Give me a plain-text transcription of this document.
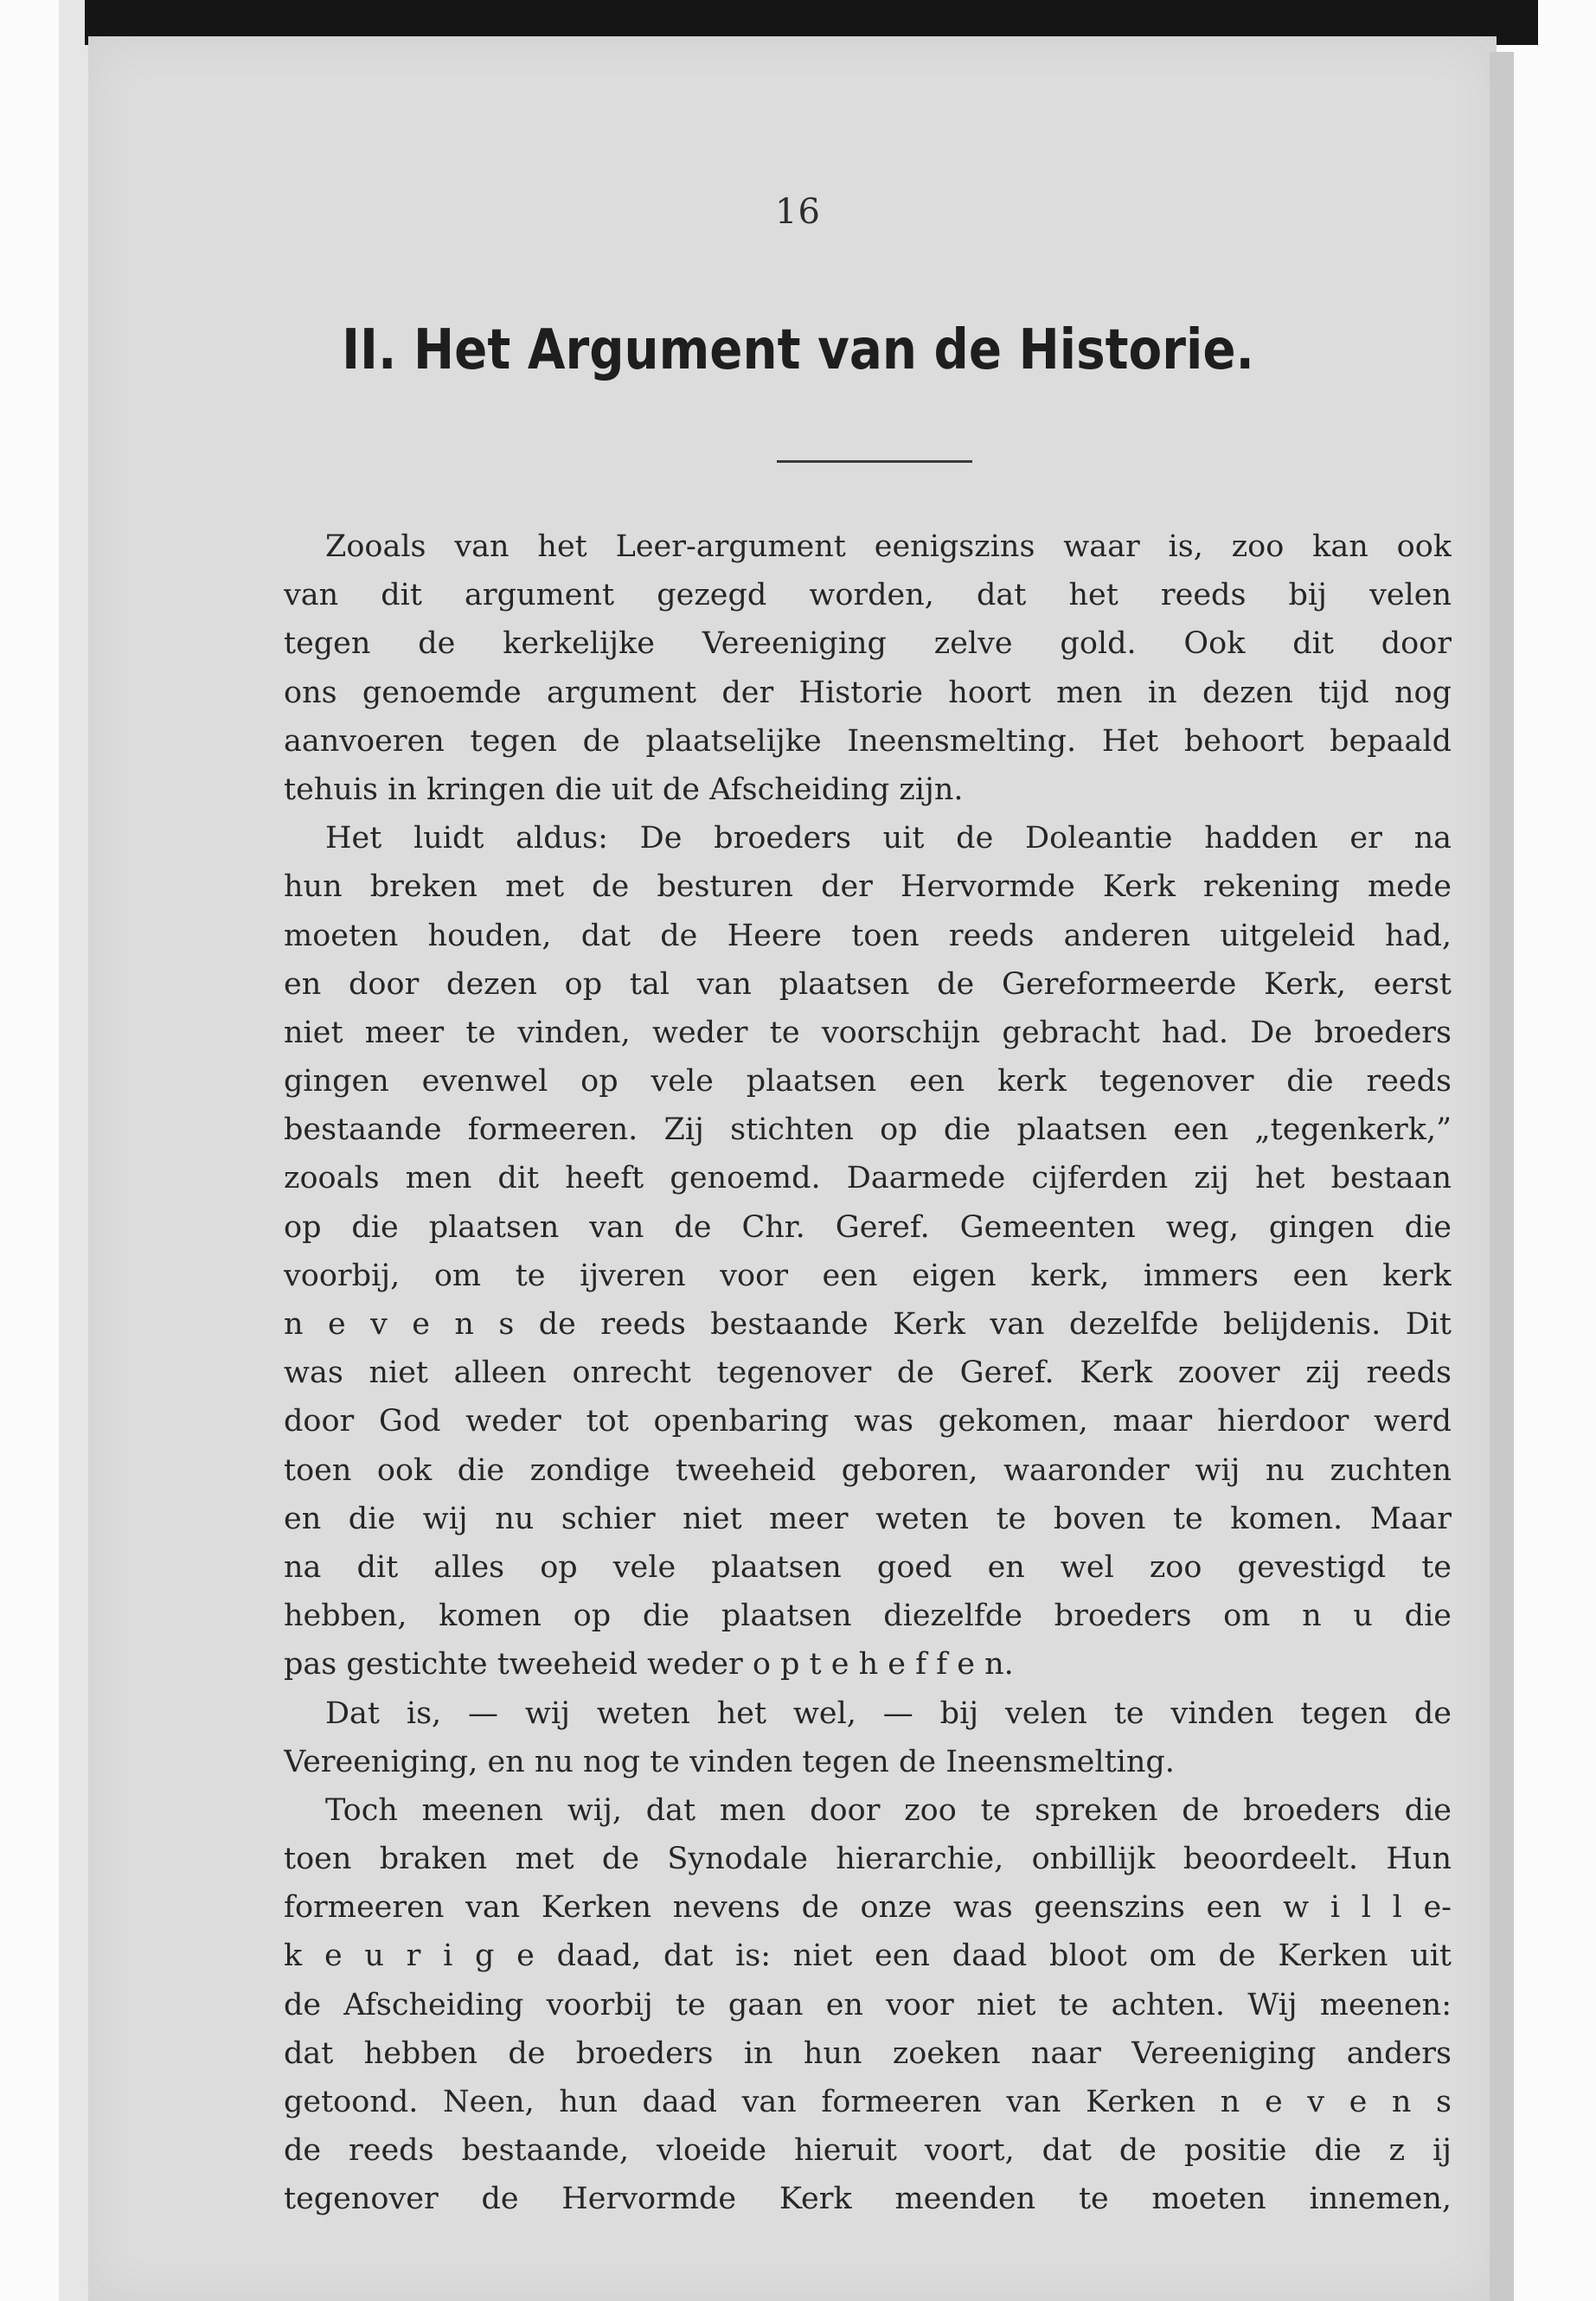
16
II. Het Argument van de Historie.
Zooals van het Leer-argument eenigszins waar is, zoo kan ook
van dit argument gezegd worden, dat het reeds bij velen
tegen de kerkelijke Vereeniging zelve gold. Ook dit door
ons genoemde argument der Historie hoort men in dezen tijd nog
aanvoeren tegen de plaatselijke Ineensmelting. Het behoort bepaald
tehuis in kringen die uit de Afscheiding zijn.
Het luidt aldus: De broeders uit de Doleantie hadden er na
hun breken met de besturen der Hervormde Kerk rekening mede
moeten houden, dat de Heere toen reeds anderen uitgeleid had,
en door dezen op tal van plaatsen de Gereformeerde Kerk, eerst
niet meer te vinden, weder te voorschijn gebracht had. De broeders
gingen evenwel op vele plaatsen een kerk tegenover die reeds
bestaande formeeren. Zij stichten op die plaatsen een „tegenkerk,”
zooals men dit heeft genoemd. Daarmede cijferden zij het bestaan
op die plaatsen van de Chr. Geref. Gemeenten weg, gingen die
voorbij, om te ijveren voor een eigen kerk, immers een kerk
n e v e n s de reeds bestaande Kerk van dezelfde belijdenis. Dit
was niet alleen onrecht tegenover de Geref. Kerk zoover zij reeds
door God weder tot openbaring was gekomen, maar hierdoor werd
toen ook die zondige tweeheid geboren, waaronder wij nu zuchten
en die wij nu schier niet meer weten te boven te komen. Maar
na dit alles op vele plaatsen goed en wel zoo gevestigd te
hebben, komen op die plaatsen diezelfde broeders om n u die
pas gestichte tweeheid weder o p t e h e f f e n.
Dat is, — wij weten het wel, — bij velen te vinden tegen de
Vereeniging, en nu nog te vinden tegen de Ineensmelting.
Toch meenen wij, dat men door zoo te spreken de broeders die
toen braken met de Synodale hierarchie, onbillijk beoordeelt. Hun
formeeren van Kerken nevens de onze was geenszins een w i l l e-
k e u r i g e daad, dat is: niet een daad bloot om de Kerken uit
de Afscheiding voorbij te gaan en voor niet te achten. Wij meenen:
dat hebben de broeders in hun zoeken naar Vereeniging anders
getoond. Neen, hun daad van formeeren van Kerken n e v e n s
de reeds bestaande, vloeide hieruit voort, dat de positie die z ij
tegenover de Hervormde Kerk meenden te moeten innemen,
